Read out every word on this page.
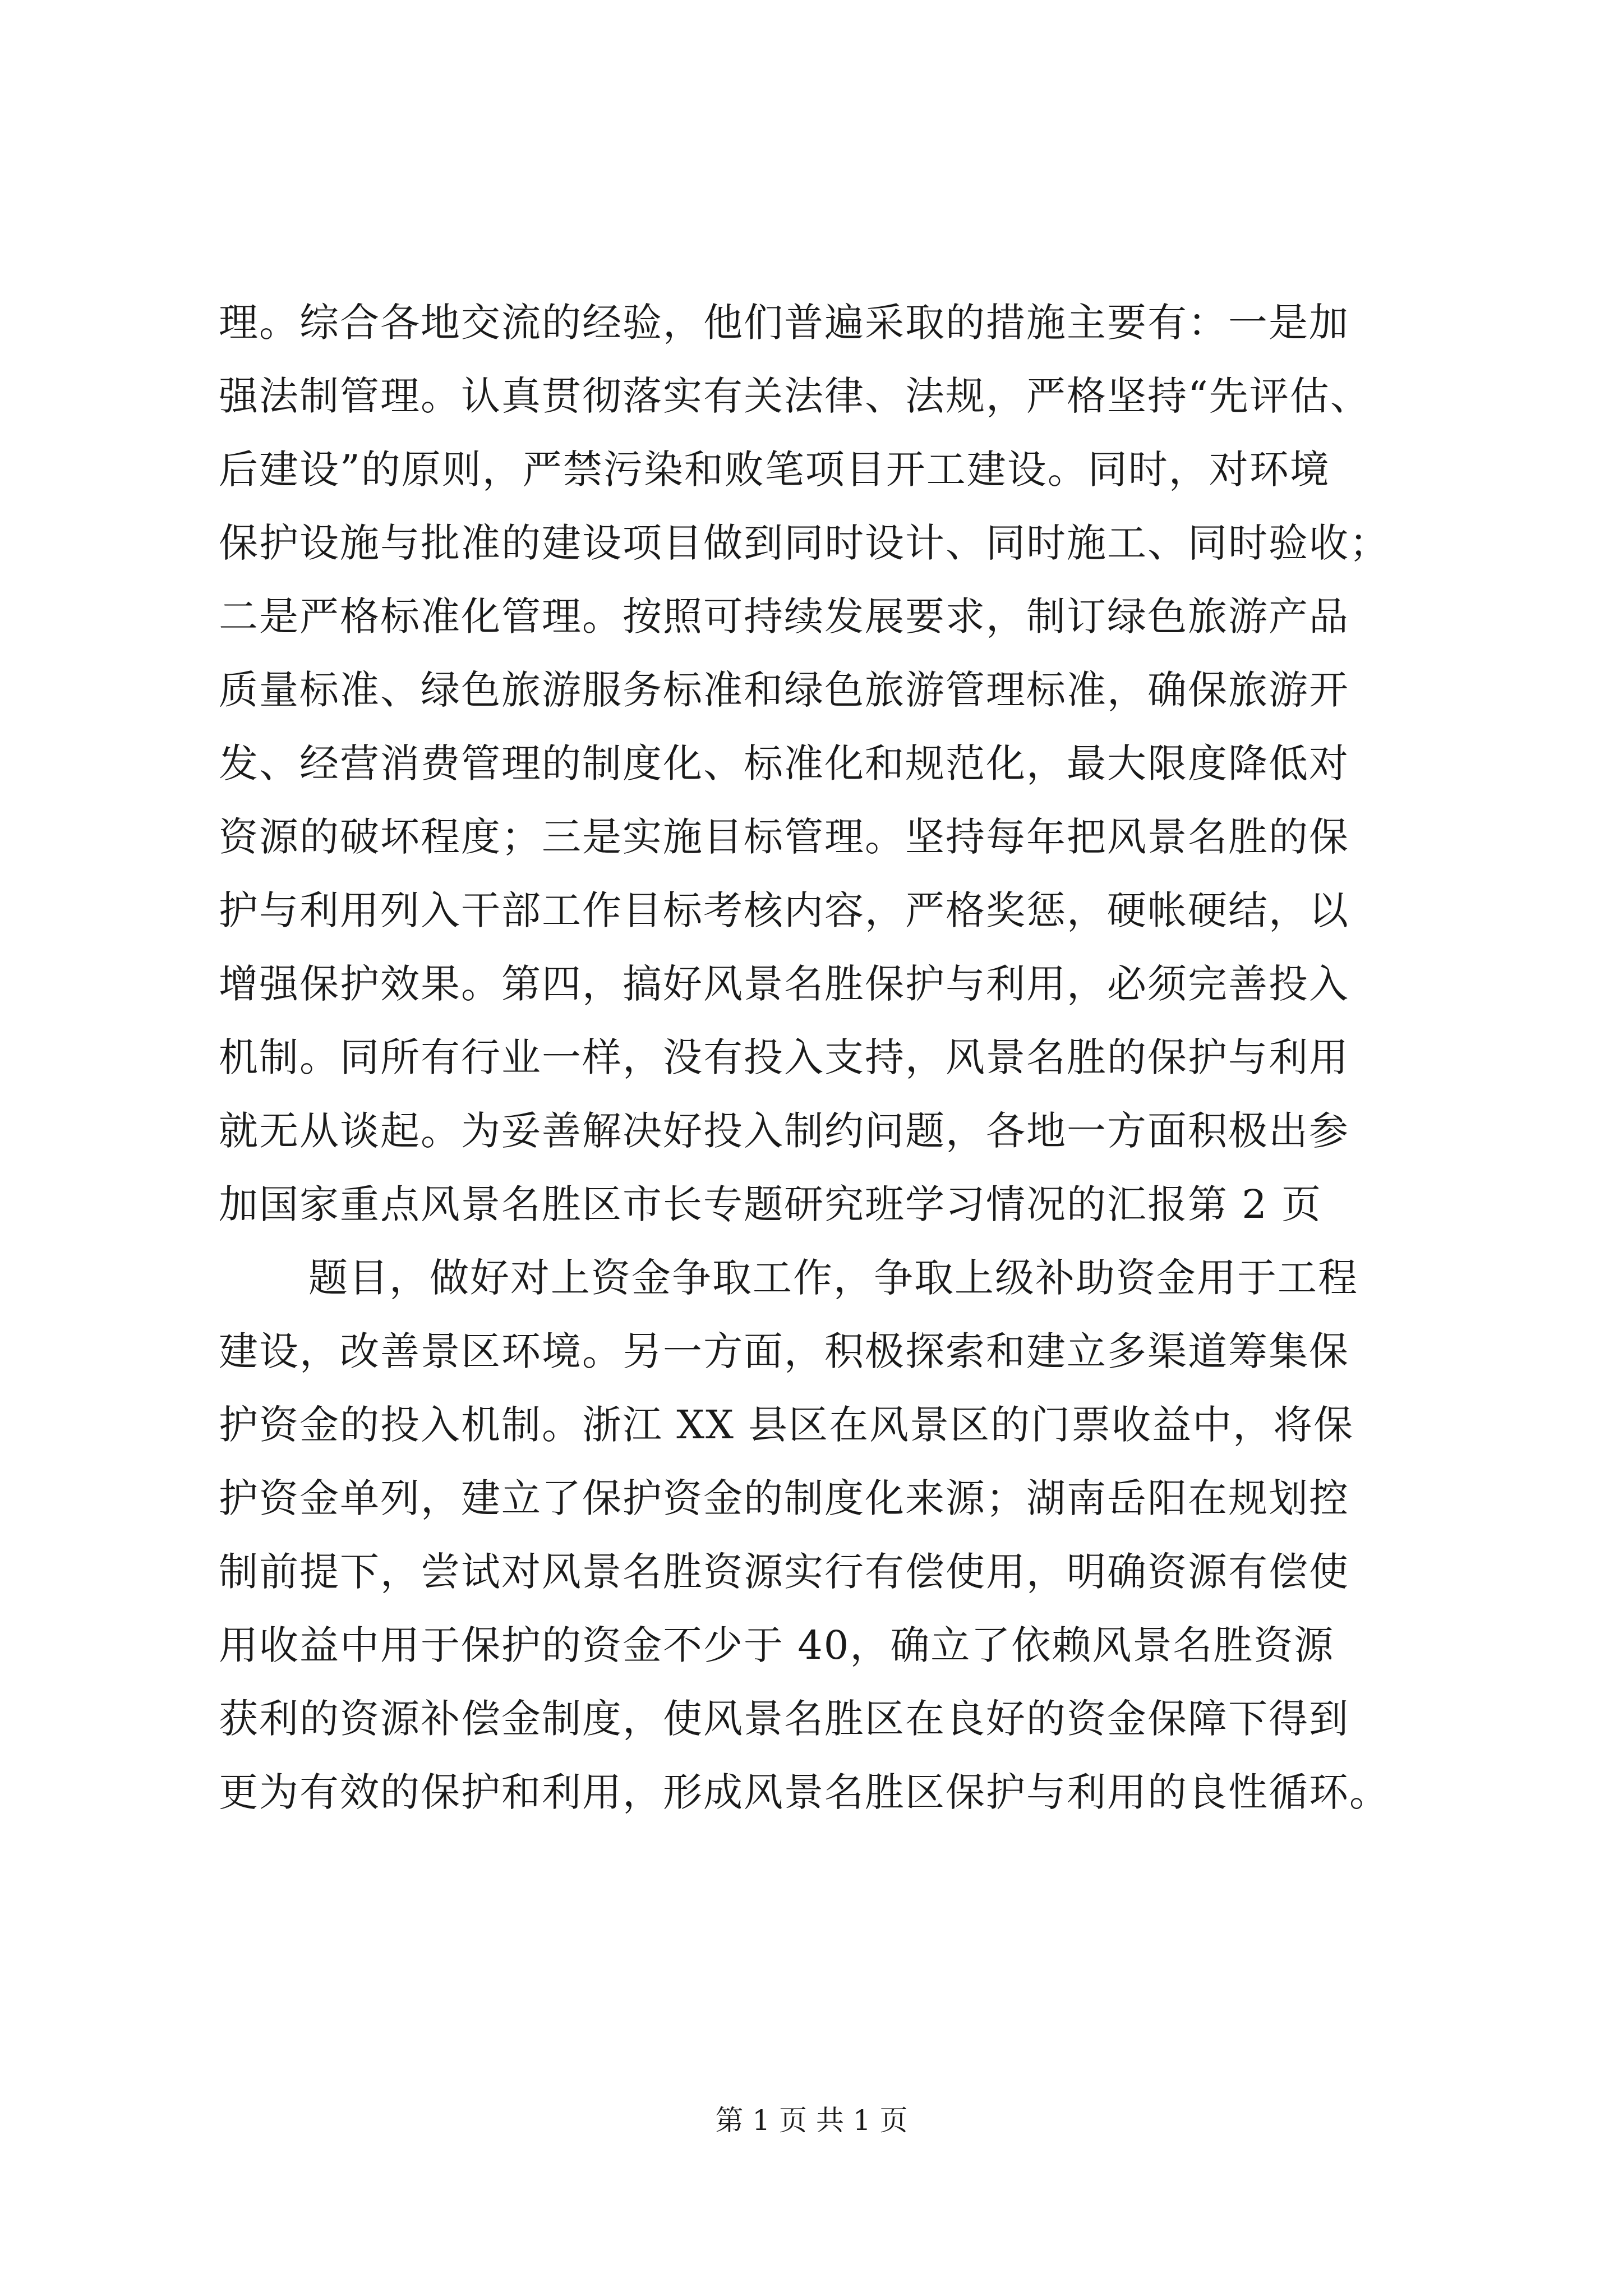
理。综合各地交流的经验，他们普遍采取的措施主要有：一是加
强法制管理。认真贯彻落实有关法律、法规，严格坚持“先评估、
后建设”的原则，严禁污染和败笔项目开工建设。同时，对环境
保护设施与批准的建设项目做到同时设计、同时施工、同时验收；
二是严格标准化管理。按照可持续发展要求，制订绿色旅游产品
质量标准、绿色旅游服务标准和绿色旅游管理标准，确保旅游开
发、经营消费管理的制度化、标准化和规范化，最大限度降低对
资源的破坏程度；三是实施目标管理。坚持每年把风景名胜的保
护与利用列入干部工作目标考核内容，严格奖惩，硬帐硬结，以
增强保护效果。第四，搞好风景名胜保护与利用，必须完善投入
机制。同所有行业一样，没有投入支持，风景名胜的保护与利用
就无从谈起。为妥善解决好投入制约问题，各地一方面积极出参
加国家重点风景名胜区市长专题研究班学习情况的汇报第 2 页
题目，做好对上资金争取工作，争取上级补助资金用于工程
建设，改善景区环境。另一方面，积极探索和建立多渠道筹集保
护资金的投入机制。浙江 XX 县区在风景区的门票收益中，将保
护资金单列，建立了保护资金的制度化来源；湖南岳阳在规划控
制前提下，尝试对风景名胜资源实行有偿使用，明确资源有偿使
用收益中用于保护的资金不少于 40，确立了依赖风景名胜资源
获利的资源补偿金制度，使风景名胜区在良好的资金保障下得到
更为有效的保护和利用，形成风景名胜区保护与利用的良性循环。
第 1 页 共 1 页
